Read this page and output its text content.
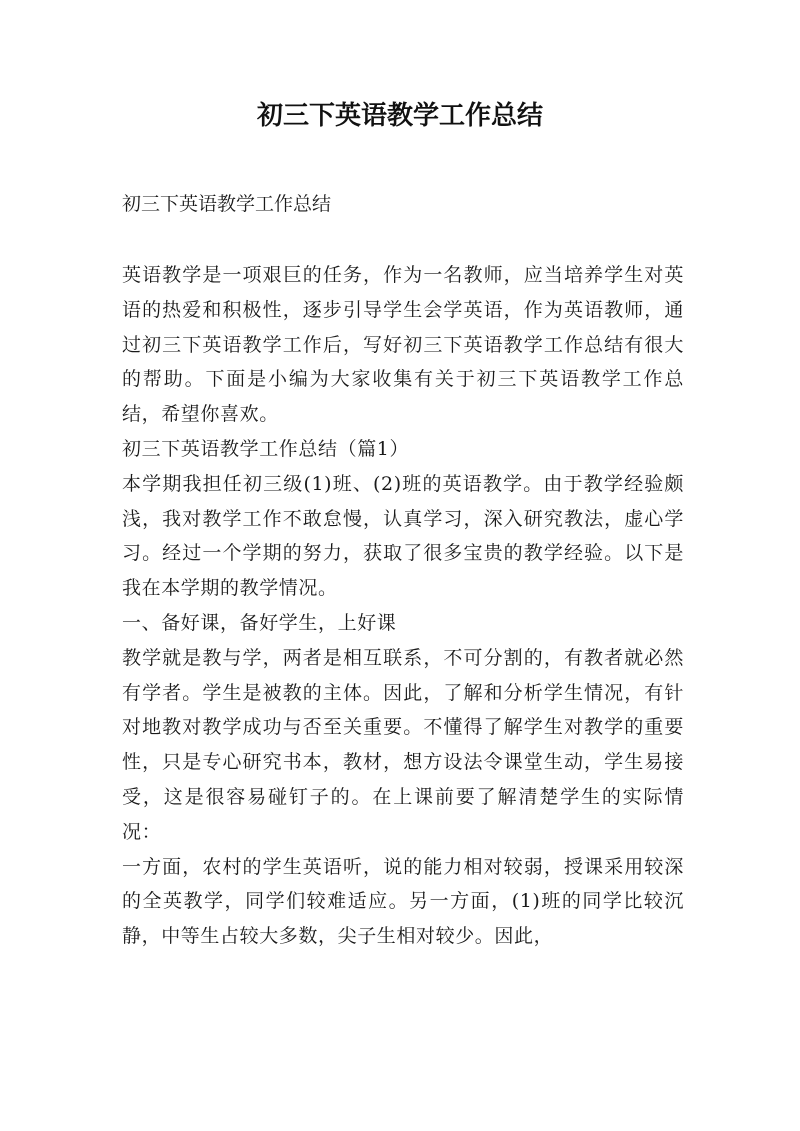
初三下英语教学工作总结

初三下英语教学工作总结

英语教学是一项艰巨的任务，作为一名教师，应当培养学生对英语的热爱和积极性，逐步引导学生会学英语，作为英语教师，通过初三下英语教学工作后，写好初三下英语教学工作总结有很大的帮助。下面是小编为大家收集有关于初三下英语教学工作总结，希望你喜欢。

初三下英语教学工作总结（篇1）

本学期我担任初三级(1)班、(2)班的英语教学。由于教学经验颇浅，我对教学工作不敢怠慢，认真学习，深入研究教法，虚心学习。经过一个学期的努力，获取了很多宝贵的教学经验。以下是我在本学期的教学情况。

一、备好课，备好学生，上好课

教学就是教与学，两者是相互联系，不可分割的，有教者就必然有学者。学生是被教的主体。因此，了解和分析学生情况，有针对地教对教学成功与否至关重要。不懂得了解学生对教学的重要性，只是专心研究书本，教材，想方设法令课堂生动，学生易接受，这是很容易碰钉子的。在上课前要了解清楚学生的实际情况：

一方面，农村的学生英语听，说的能力相对较弱，授课采用较深的全英教学，同学们较难适应。另一方面，(1)班的同学比较沉静，中等生占较大多数，尖子生相对较少。因此，
